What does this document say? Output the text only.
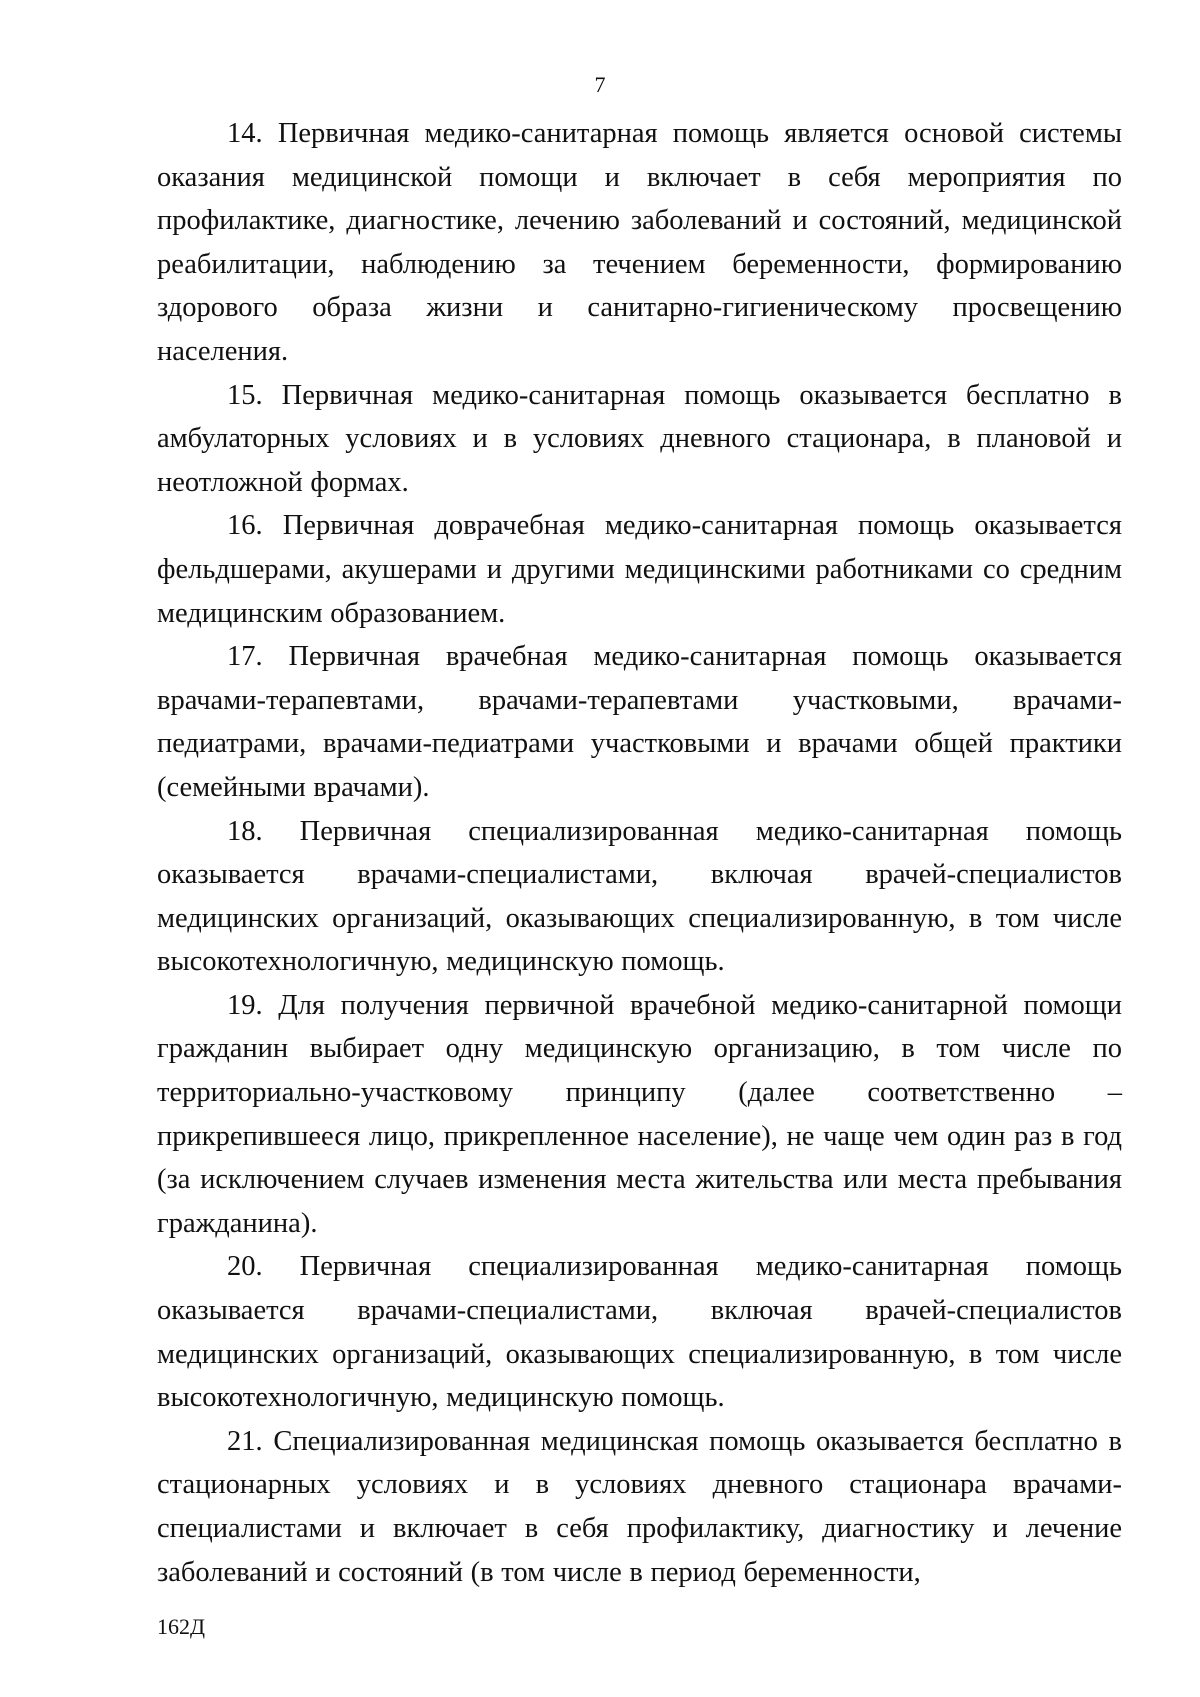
7

14. Первичная медико-санитарная помощь является основой системы оказания медицинской помощи и включает в себя мероприятия по профилактике, диагностике, лечению заболеваний и состояний, медицинской реабилитации, наблюдению за течением беременности, формированию здорового образа жизни и санитарно-гигиеническому просвещению населения.

15. Первичная медико-санитарная помощь оказывается бесплатно в амбулаторных условиях и в условиях дневного стационара, в плановой и неотложной формах.

16. Первичная доврачебная медико-санитарная помощь оказывается фельдшерами, акушерами и другими медицинскими работниками со средним медицинским образованием.

17. Первичная врачебная медико-санитарная помощь оказывается врачами-терапевтами, врачами-терапевтами участковыми, врачами-педиатрами, врачами-педиатрами участковыми и врачами общей практики (семейными врачами).

18. Первичная специализированная медико-санитарная помощь оказывается врачами-специалистами, включая врачей-специалистов медицинских организаций, оказывающих специализированную, в том числе высокотехнологичную, медицинскую помощь.

19. Для получения первичной врачебной медико-санитарной помощи гражданин выбирает одну медицинскую организацию, в том числе по территориально-участковому принципу (далее соответственно – прикрепившееся лицо, прикрепленное население), не чаще чем один раз в год (за исключением случаев изменения места жительства или места пребывания гражданина).

20. Первичная специализированная медико-санитарная помощь оказывается врачами-специалистами, включая врачей-специалистов медицинских организаций, оказывающих специализированную, в том числе высокотехнологичную, медицинскую помощь.

21. Специализированная медицинская помощь оказывается бесплатно в стационарных условиях и в условиях дневного стационара врачами-специалистами и включает в себя профилактику, диагностику и лечение заболеваний и состояний (в том числе в период беременности,

162Д
